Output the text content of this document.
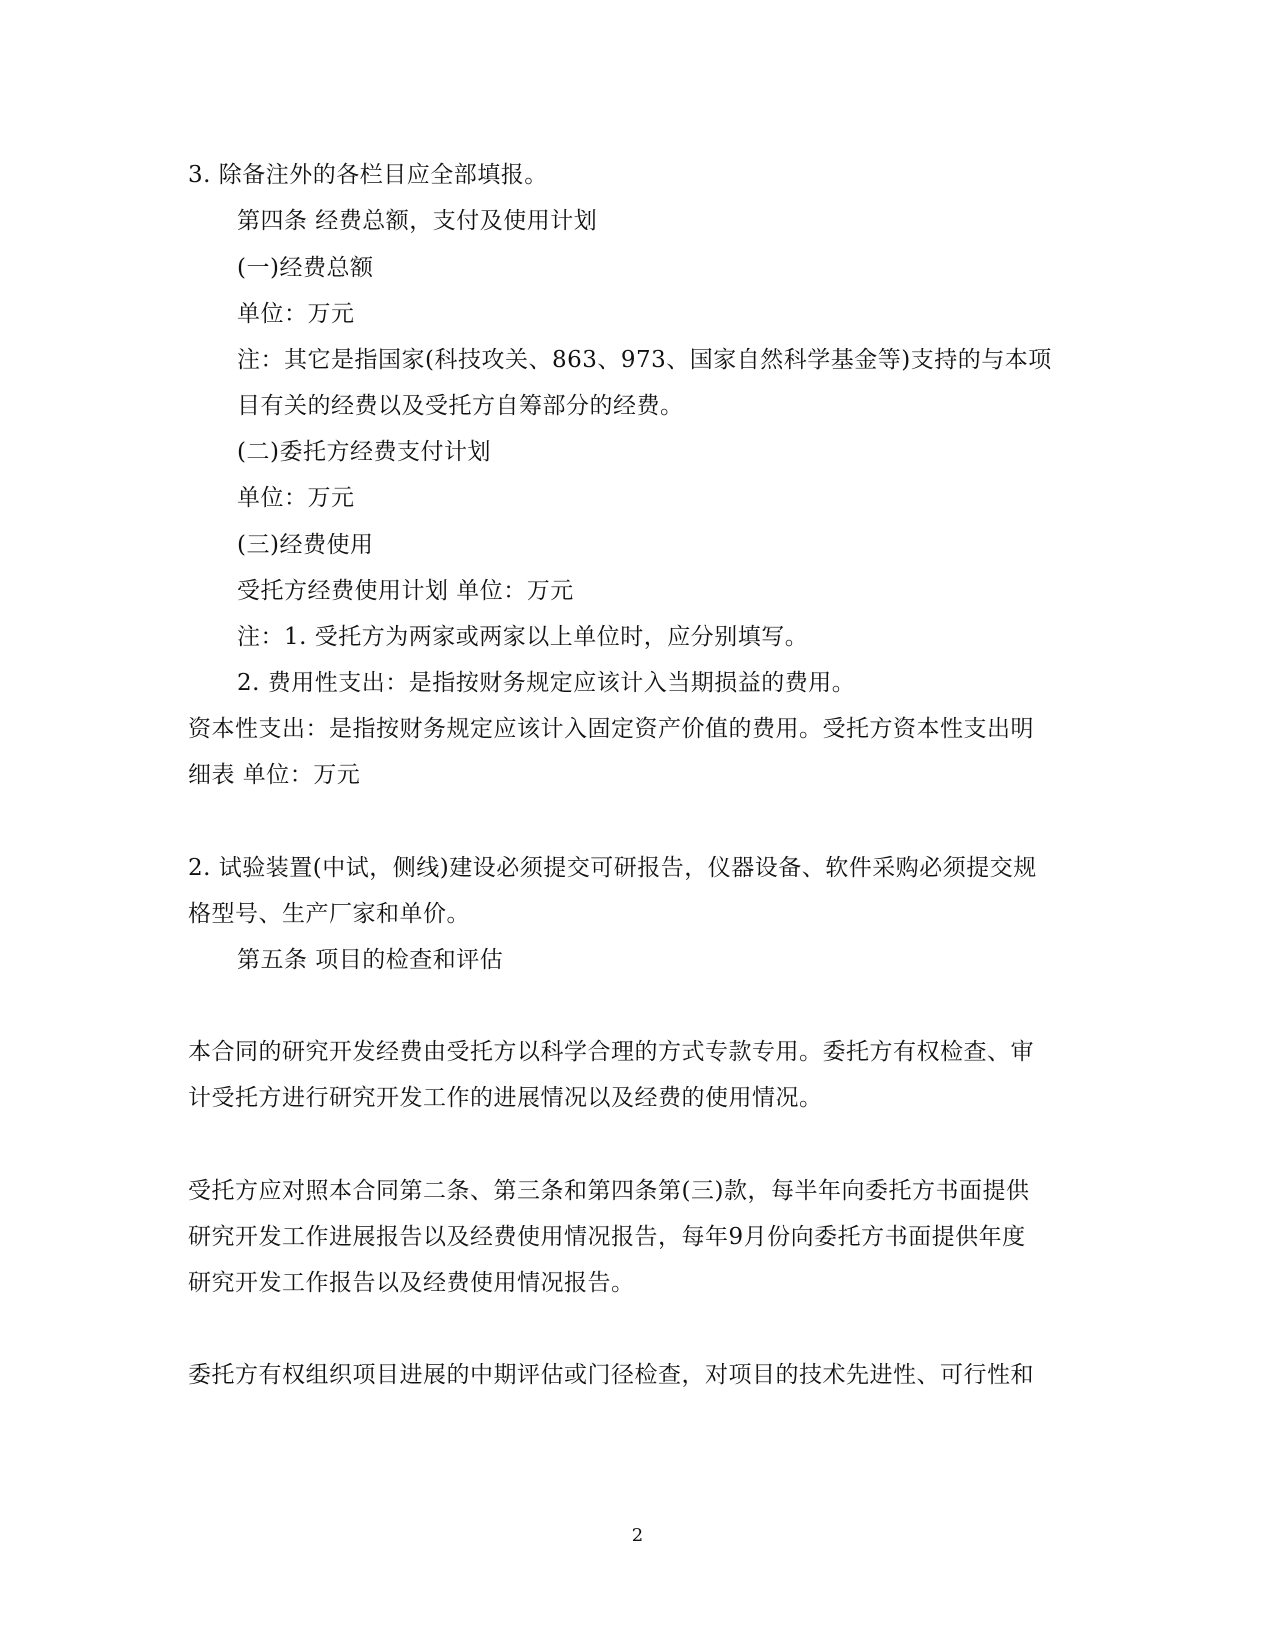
3. 除备注外的各栏目应全部填报。
第四条 经费总额，支付及使用计划
(一)经费总额
单位：万元
注：其它是指国家(科技攻关、863、973、国家自然科学基金等)支持的与本项
目有关的经费以及受托方自筹部分的经费。
(二)委托方经费支付计划
单位：万元
(三)经费使用
受托方经费使用计划 单位：万元
注：1. 受托方为两家或两家以上单位时，应分别填写。
2. 费用性支出：是指按财务规定应该计入当期损益的费用。
资本性支出：是指按财务规定应该计入固定资产价值的费用。受托方资本性支出明
细表 单位：万元
2. 试验装置(中试，侧线)建设必须提交可研报告，仪器设备、软件采购必须提交规
格型号、生产厂家和单价。
第五条 项目的检查和评估
本合同的研究开发经费由受托方以科学合理的方式专款专用。委托方有权检查、审
计受托方进行研究开发工作的进展情况以及经费的使用情况。
受托方应对照本合同第二条、第三条和第四条第(三)款，每半年向委托方书面提供
研究开发工作进展报告以及经费使用情况报告，每年9月份向委托方书面提供年度
研究开发工作报告以及经费使用情况报告。
委托方有权组织项目进展的中期评估或门径检查，对项目的技术先进性、可行性和
2
